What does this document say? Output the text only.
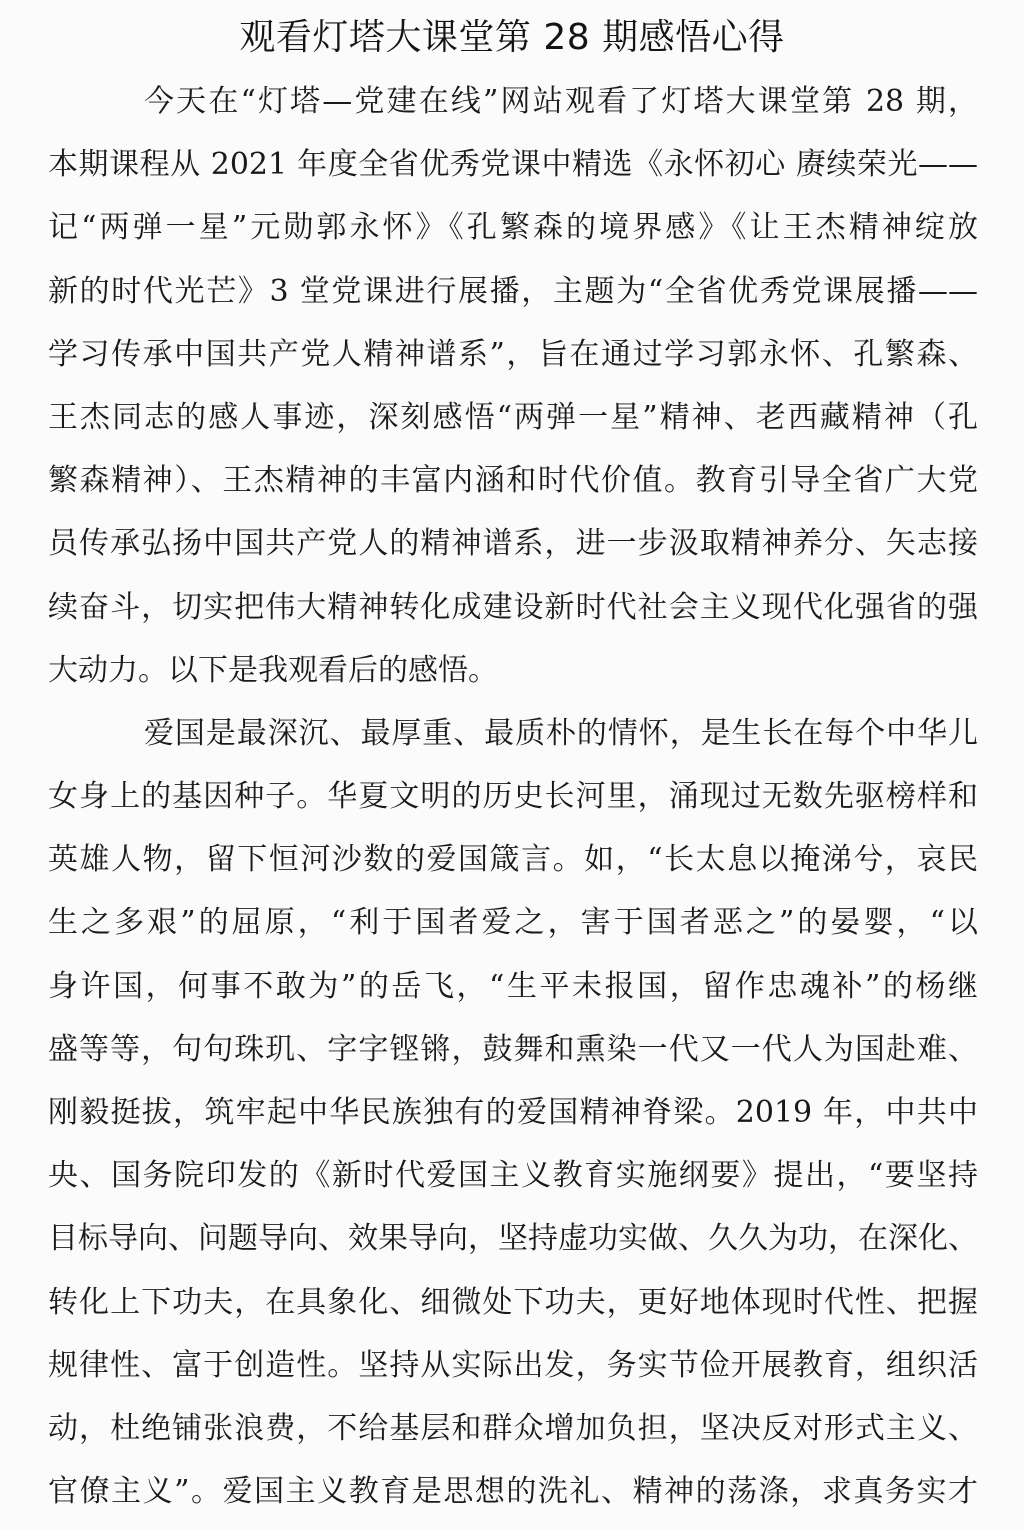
观看灯塔大课堂第 28 期感悟心得
今天在“灯塔—党建在线”网站观看了灯塔大课堂第 28 期，
本期课程从 2021 年度全省优秀党课中精选《永怀初心 赓续荣光——
记“两弹一星”元勋郭永怀》《孔繁森的境界感》《让王杰精神绽放
新的时代光芒》3 堂党课进行展播，主题为“全省优秀党课展播——
学习传承中国共产党人精神谱系”，旨在通过学习郭永怀、孔繁森、
王杰同志的感人事迹，深刻感悟“两弹一星”精神、老西藏精神（孔
繁森精神）、王杰精神的丰富内涵和时代价值。教育引导全省广大党
员传承弘扬中国共产党人的精神谱系，进一步汲取精神养分、矢志接
续奋斗，切实把伟大精神转化成建设新时代社会主义现代化强省的强
大动力。以下是我观看后的感悟。
爱国是最深沉、最厚重、最质朴的情怀，是生长在每个中华儿
女身上的基因种子。华夏文明的历史长河里，涌现过无数先驱榜样和
英雄人物，留下恒河沙数的爱国箴言。如，“长太息以掩涕兮，哀民
生之多艰”的屈原，“利于国者爱之，害于国者恶之”的晏婴，“以
身许国，何事不敢为”的岳飞，“生平未报国，留作忠魂补”的杨继
盛等等，句句珠玑、字字铿锵，鼓舞和熏染一代又一代人为国赴难、
刚毅挺拔，筑牢起中华民族独有的爱国精神脊梁。2019 年，中共中
央、国务院印发的《新时代爱国主义教育实施纲要》提出，“要坚持
目标导向、问题导向、效果导向，坚持虚功实做、久久为功，在深化、
转化上下功夫，在具象化、细微处下功夫，更好地体现时代性、把握
规律性、富于创造性。坚持从实际出发，务实节俭开展教育，组织活
动，杜绝铺张浪费，不给基层和群众增加负担，坚决反对形式主义、
官僚主义”。爱国主义教育是思想的洗礼、精神的荡涤，求真务实才
